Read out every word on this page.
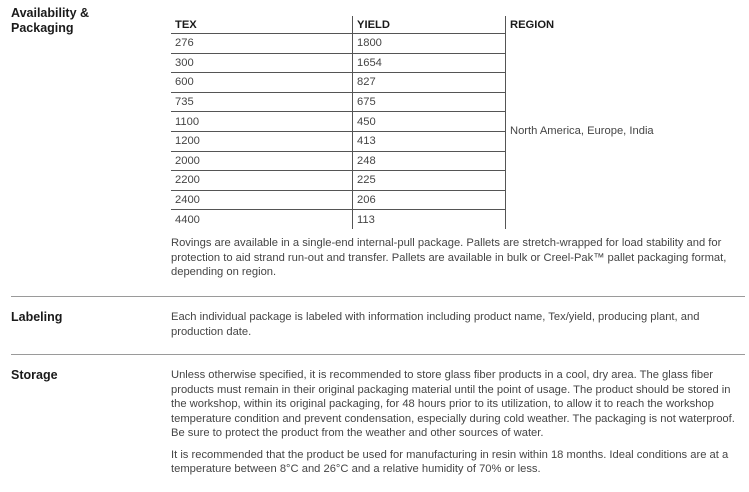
Availability & Packaging	TEX	YIELD	REGION
276	1800	North America, Europe, India
300	1654	
600	827	
735	675	
1100	450	
1200	413	
2000	248	
2200	225	
2400	206	
4400	113	

Rovings are available in a single-end internal-pull package. Pallets are stretch-wrapped for load stability and for protection to aid strand run-out and transfer. Pallets are available in bulk or Creel-Pak™ pallet packaging format, depending on region.

Labeling	Each individual package is labeled with information including product name, Tex/yield, producing plant, and production date.

Storage	Unless otherwise specified, it is recommended to store glass fiber products in a cool, dry area. The glass fiber products must remain in their original packaging material until the point of usage. The product should be stored in the workshop, within its original packaging, for 48 hours prior to its utilization, to allow it to reach the workshop temperature condition and prevent condensation, especially during cold weather. The packaging is not waterproof. Be sure to protect the product from the weather and other sources of water.

It is recommended that the product be used for manufacturing in resin within 18 months. Ideal conditions are at a temperature between 8°C and 26°C and a relative humidity of 70% or less.
